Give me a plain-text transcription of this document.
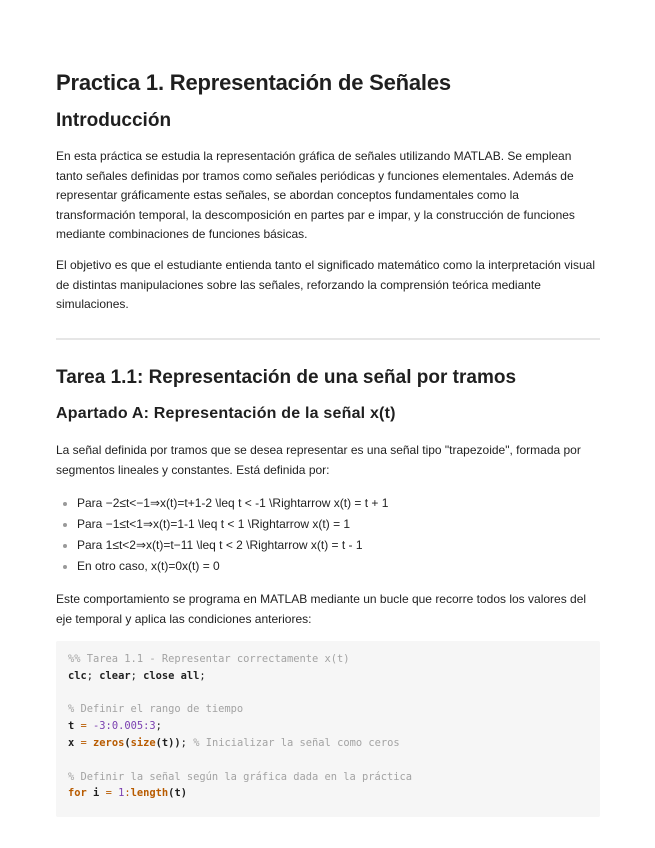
Practica 1. Representación de Señales
Introducción

En esta práctica se estudia la representación gráfica de señales utilizando MATLAB. Se emplean tanto señales definidas por tramos como señales periódicas y funciones elementales. Además de representar gráficamente estas señales, se abordan conceptos fundamentales como la transformación temporal, la descomposición en partes par e impar, y la construcción de funciones mediante combinaciones de funciones básicas.

El objetivo es que el estudiante entienda tanto el significado matemático como la interpretación visual de distintas manipulaciones sobre las señales, reforzando la comprensión teórica mediante simulaciones.

Tarea 1.1: Representación de una señal por tramos
Apartado A: Representación de la señal x(t)

La señal definida por tramos que se desea representar es una señal tipo "trapezoide", formada por segmentos lineales y constantes. Está definida por:

Para −2≤t<−1⇒x(t)=t+1-2 \leq t < -1 \Rightarrow x(t) = t + 1
Para −1≤t<1⇒x(t)=1-1 \leq t < 1 \Rightarrow x(t) = 1
Para 1≤t<2⇒x(t)=t−11 \leq t < 2 \Rightarrow x(t) = t - 1
En otro caso, x(t)=0x(t) = 0

Este comportamiento se programa en MATLAB mediante un bucle que recorre todos los valores del eje temporal y aplica las condiciones anteriores:

%% Tarea 1.1 - Representar correctamente x(t)
clc; clear; close all;

% Definir el rango de tiempo
t = -3:0.005:3;
x = zeros(size(t)); % Inicializar la señal como ceros

% Definir la señal según la gráfica dada en la práctica
for i = 1:length(t)
